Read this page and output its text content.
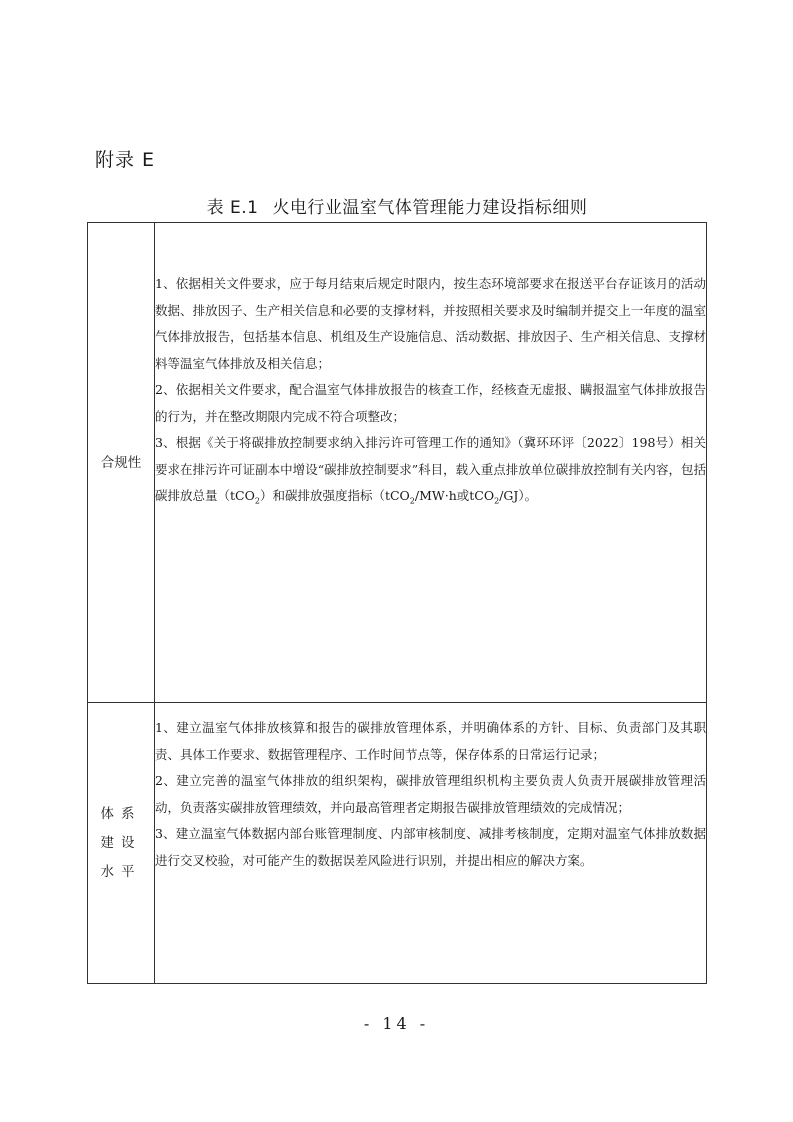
附录 E
表 E.1 火电行业温室气体管理能力建设指标细则
合规性	1、依据相关文件要求，应于每月结束后规定时限内，按生态环境部要求在报送平台存证该月的活动数据、排放因子、生产相关信息和必要的支撑材料，并按照相关要求及时编制并提交上一年度的温室气体排放报告，包括基本信息、机组及生产设施信息、活动数据、排放因子、生产相关信息、支撑材料等温室气体排放及相关信息；

2、依据相关文件要求，配合温室气体排放报告的核查工作，经核查无虚报、瞒报温室气体排放报告的行为，并在整改期限内完成不符合项整改；

3、根据《关于将碳排放控制要求纳入排污许可管理工作的通知》（冀环环评〔2022〕198号）相关要求在排污许可证副本中增设“碳排放控制要求”科目，载入重点排放单位碳排放控制有关内容，包括碳排放总量（tCO$_2$）和碳排放强度指标（tCO$_2$/MW·h或tCO$_2$/GJ）。

体系建设水平	1、建立温室气体排放核算和报告的碳排放管理体系，并明确体系的方针、目标、负责部门及其职责、具体工作要求、数据管理程序、工作时间节点等，保存体系的日常运行记录；

2、建立完善的温室气体排放的组织架构，碳排放管理组织机构主要负责人负责开展碳排放管理活动，负责落实碳排放管理绩效，并向最高管理者定期报告碳排放管理绩效的完成情况；

3、建立温室气体数据内部台账管理制度、内部审核制度、减排考核制度，定期对温室气体排放数据进行交叉校验，对可能产生的数据误差风险进行识别，并提出相应的解决方案。

- 14 -
